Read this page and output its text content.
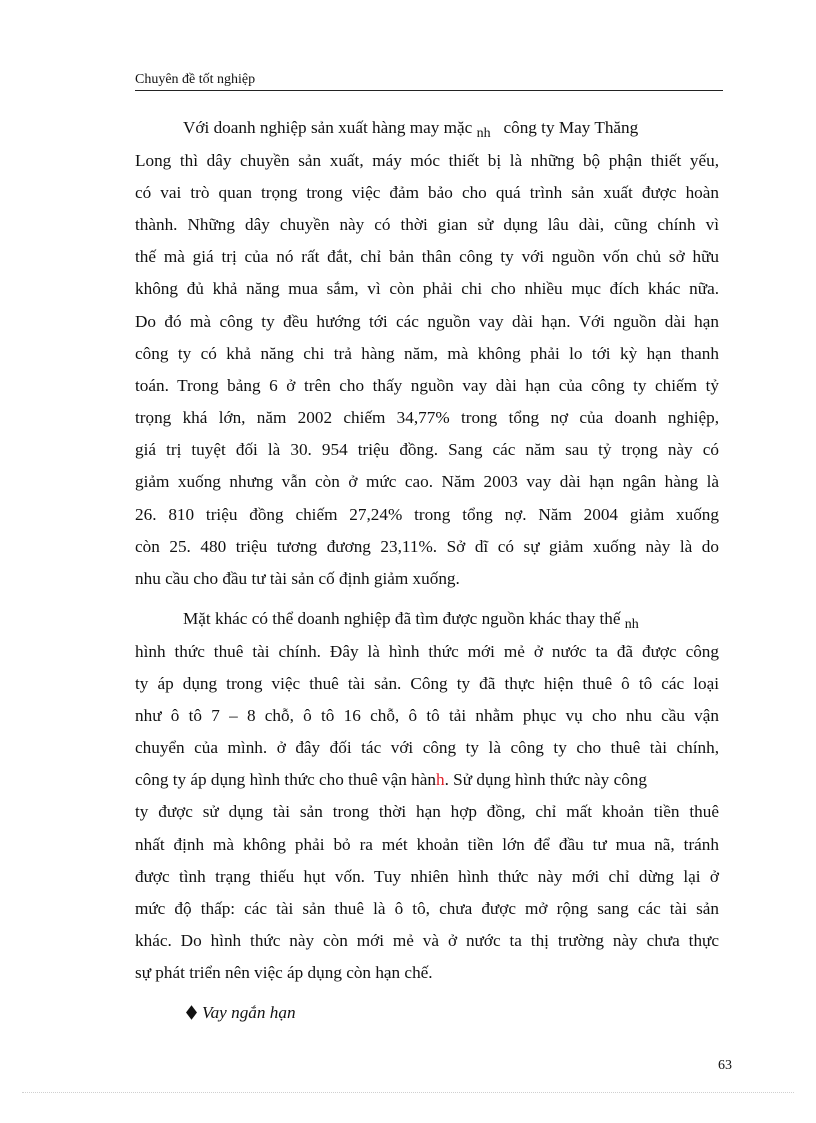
Chuyên đề tốt nghiệp
Với doanh nghiệp sản xuất hàng may mặc $_{nh}$ công ty May Thăng
Long thì dây chuyền sản xuất, máy móc thiết bị là những bộ phận thiết yếu,
có vai trò quan trọng trong việc đảm bảo cho quá trình sản xuất được hoàn
thành. Những dây chuyền này có thời gian sử dụng lâu dài, cũng chính vì
thế mà giá trị của nó rất đắt, chỉ bản thân công ty với nguồn vốn chủ sở hữu
không đủ khả năng mua sắm, vì còn phải chi cho nhiều mục đích khác nữa.
Do đó mà công ty đều hướng tới các nguồn vay dài hạn. Với nguồn dài hạn
công ty có khả năng chi trả hàng năm, mà không phải lo tới kỳ hạn thanh
toán. Trong bảng 6 ở trên cho thấy nguồn vay dài hạn của công ty chiếm tỷ
trọng khá lớn, năm 2002 chiếm 34,77% trong tổng nợ của doanh nghiệp,
giá trị tuyệt đối là 30. 954 triệu đồng. Sang các năm sau tỷ trọng này có
giảm xuống nhưng vẫn còn ở mức cao. Năm 2003 vay dài hạn ngân hàng là
26. 810 triệu đồng chiếm 27,24% trong tổng nợ. Năm 2004 giảm xuống
còn 25. 480 triệu tương đương 23,11%. Sở dĩ có sự giảm xuống này là do
nhu cầu cho đầu tư tài sản cố định giảm xuống.
Mặt khác có thể doanh nghiệp đã tìm được nguồn khác thay thế $_{nh}$
hình thức thuê tài chính. Đây là hình thức mới mẻ ở nước ta đã được công
ty áp dụng trong việc thuê tài sản. Công ty đã thực hiện thuê ô tô các loại
như ô tô 7 – 8 chỗ, ô tô 16 chỗ, ô tô tải nhằm phục vụ cho nhu cầu vận
chuyển của mình. ở đây đối tác với công ty là công ty cho thuê tài chính,
công ty áp dụng hình thức cho thuê vận hành. Sử dụng hình thức này công
ty được sử dụng tài sản trong thời hạn hợp đồng, chỉ mất khoản tiền thuê
nhất định mà không phải bỏ ra mét khoản tiền lớn để đầu tư mua nã, tránh
được tình trạng thiếu hụt vốn. Tuy nhiên hình thức này mới chỉ dừng lại ở
mức độ thấp: các tài sản thuê là ô tô, chưa được mở rộng sang các tài sản
khác. Do hình thức này còn mới mẻ và ở nước ta thị trường này chưa thực
sự phát triển nên việc áp dụng còn hạn chế.
Vay ngắn hạn
63
